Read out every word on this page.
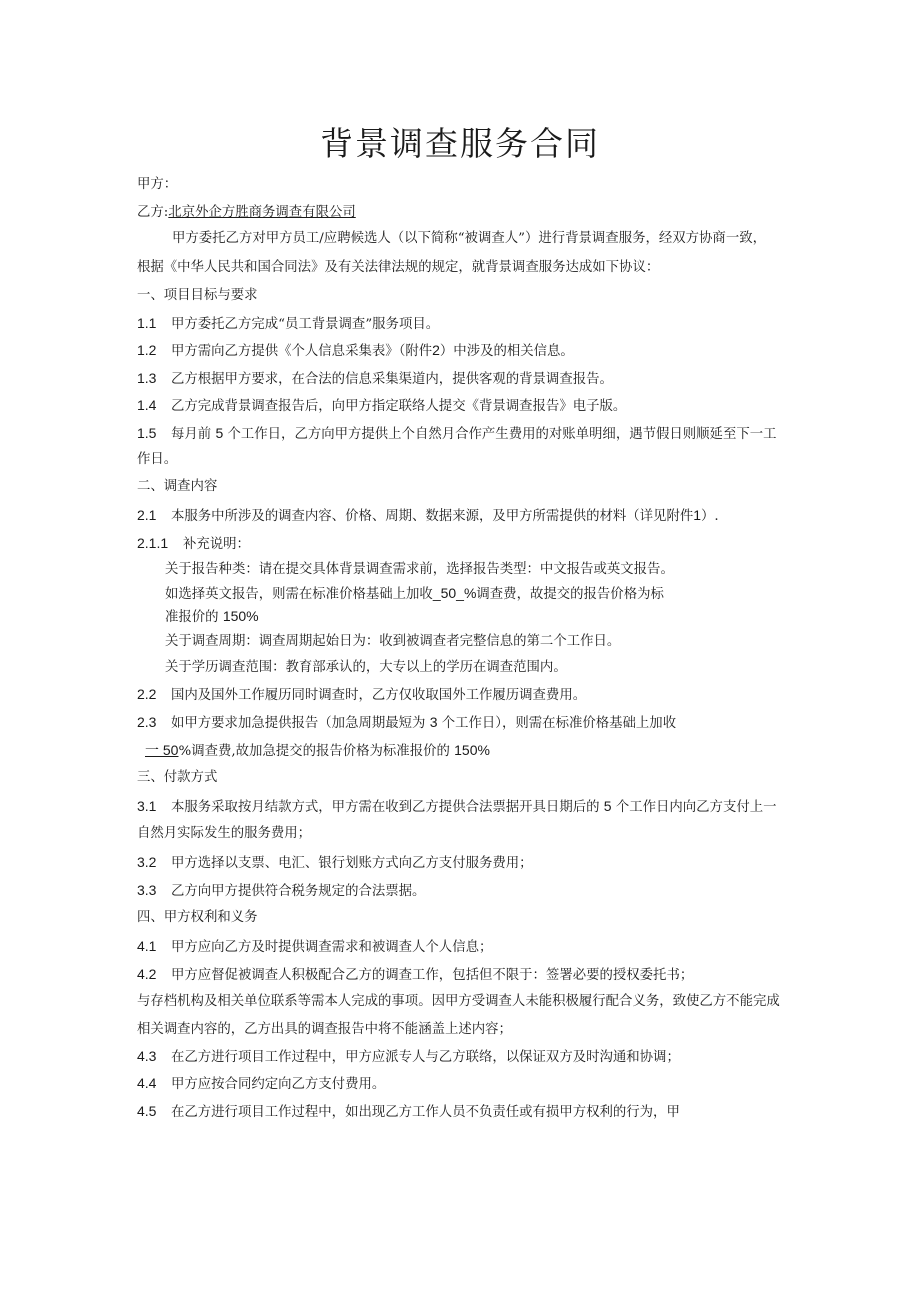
背景调查服务合同
甲方：
乙方:北京外企方胜商务调查有限公司
甲方委托乙方对甲方员工/应聘候选人（以下简称“被调查人”）进行背景调查服务，经双方协商一致，
根据《中华人民共和国合同法》及有关法律法规的规定，就背景调查服务达成如下协议：
一、项目目标与要求
1.1 甲方委托乙方完成“员工背景调查”服务项目。
1.2 甲方需向乙方提供《个人信息采集表》（附件2）中涉及的相关信息。
1.3 乙方根据甲方要求，在合法的信息采集渠道内，提供客观的背景调查报告。
1.4 乙方完成背景调查报告后，向甲方指定联络人提交《背景调查报告》电子版。
1.5 每月前 5 个工作日，乙方向甲方提供上个自然月合作产生费用的对账单明细，遇节假日则顺延至下一工
作日。
二、调查内容
2.1 本服务中所涉及的调查内容、价格、周期、数据来源，及甲方所需提供的材料（详见附件1）.
2.1.1 补充说明：
关于报告种类：请在提交具体背景调查需求前，选择报告类型：中文报告或英文报告。
如选择英文报告，则需在标准价格基础上加收_50_%调查费，故提交的报告价格为标
准报价的 150%
关于调查周期：调查周期起始日为：收到被调查者完整信息的第二个工作日。
关于学历调查范围：教育部承认的，大专以上的学历在调查范围内。
2.2 国内及国外工作履历同时调查时，乙方仅收取国外工作履历调查费用。
2.3 如甲方要求加急提供报告（加急周期最短为 3 个工作日），则需在标准价格基础上加收
一 50%调查费,故加急提交的报告价格为标准报价的 150%
三、付款方式
3.1 本服务采取按月结款方式，甲方需在收到乙方提供合法票据开具日期后的 5 个工作日内向乙方支付上一
自然月实际发生的服务费用；
3.2 甲方选择以支票、电汇、银行划账方式向乙方支付服务费用；
3.3 乙方向甲方提供符合税务规定的合法票据。
四、甲方权利和义务
4.1 甲方应向乙方及时提供调查需求和被调查人个人信息；
4.2 甲方应督促被调查人积极配合乙方的调查工作，包括但不限于：签署必要的授权委托书；
与存档机构及相关单位联系等需本人完成的事项。因甲方受调查人未能积极履行配合义务，致使乙方不能完成
相关调查内容的，乙方出具的调查报告中将不能涵盖上述内容；
4.3 在乙方进行项目工作过程中，甲方应派专人与乙方联络，以保证双方及时沟通和协调；
4.4 甲方应按合同约定向乙方支付费用。
4.5 在乙方进行项目工作过程中，如出现乙方工作人员不负责任或有损甲方权利的行为，甲
